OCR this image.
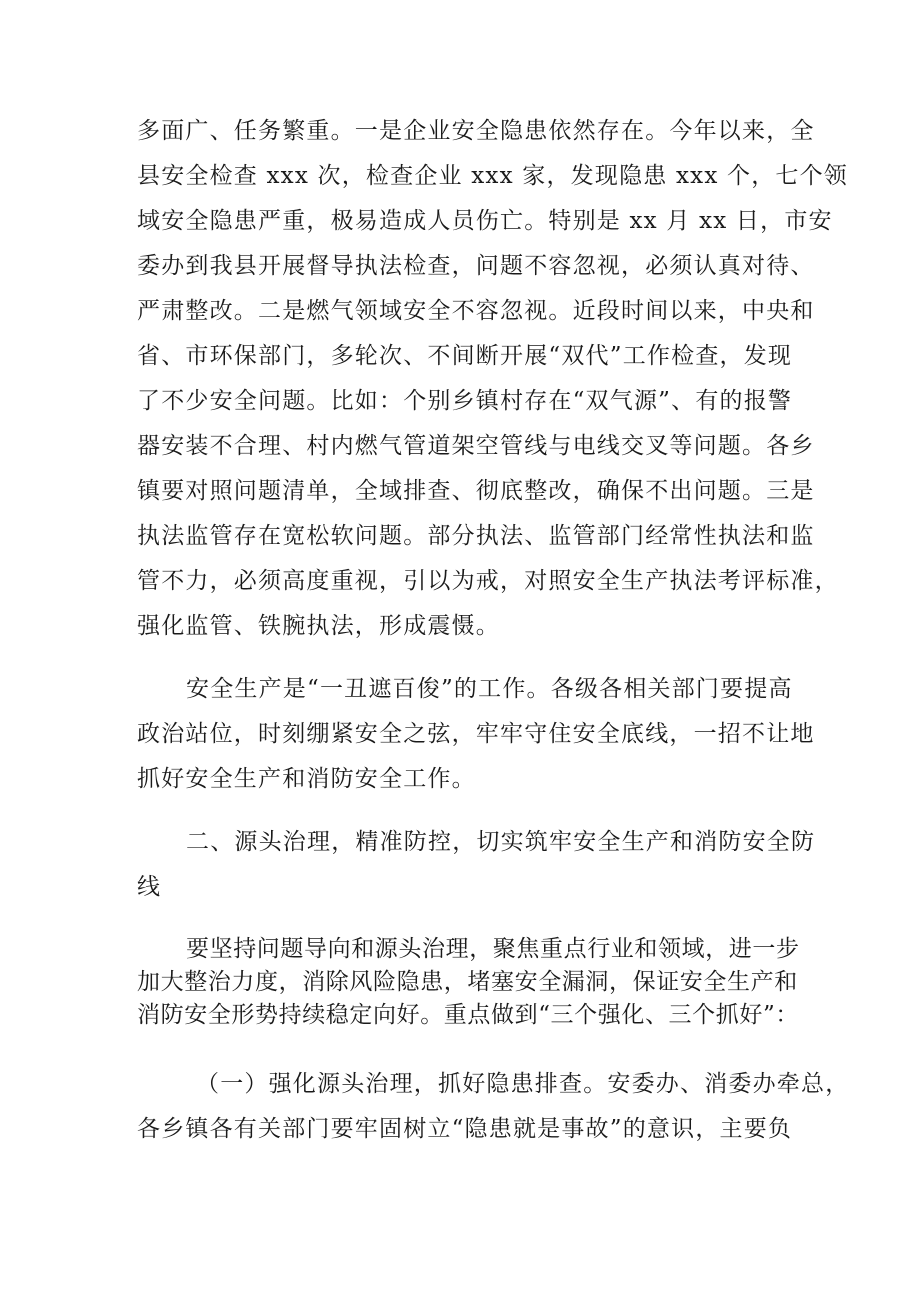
多面广、任务繁重。一是企业安全隐患依然存在。今年以来，全
县安全检查 xxx 次，检查企业 xxx 家，发现隐患 xxx 个，七个领
域安全隐患严重，极易造成人员伤亡。特别是 xx 月 xx 日，市安
委办到我县开展督导执法检查，问题不容忽视，必须认真对待、
严肃整改。二是燃气领域安全不容忽视。近段时间以来，中央和
省、市环保部门，多轮次、不间断开展“双代”工作检查，发现
了不少安全问题。比如：个别乡镇村存在“双气源”、有的报警
器安装不合理、村内燃气管道架空管线与电线交叉等问题。各乡
镇要对照问题清单，全域排查、彻底整改，确保不出问题。三是
执法监管存在宽松软问题。部分执法、监管部门经常性执法和监
管不力，必须高度重视，引以为戒，对照安全生产执法考评标准，
强化监管、铁腕执法，形成震慑。
安全生产是“一丑遮百俊”的工作。各级各相关部门要提高
政治站位，时刻绷紧安全之弦，牢牢守住安全底线，一招不让地
抓好安全生产和消防安全工作。
二、源头治理，精准防控，切实筑牢安全生产和消防安全防
线
要坚持问题导向和源头治理，聚焦重点行业和领域，进一步
加大整治力度，消除风险隐患，堵塞安全漏洞，保证安全生产和
消防安全形势持续稳定向好。重点做到“三个强化、三个抓好”：
（一）强化源头治理，抓好隐患排查。安委办、消委办牵总，
各乡镇各有关部门要牢固树立“隐患就是事故”的意识，主要负
